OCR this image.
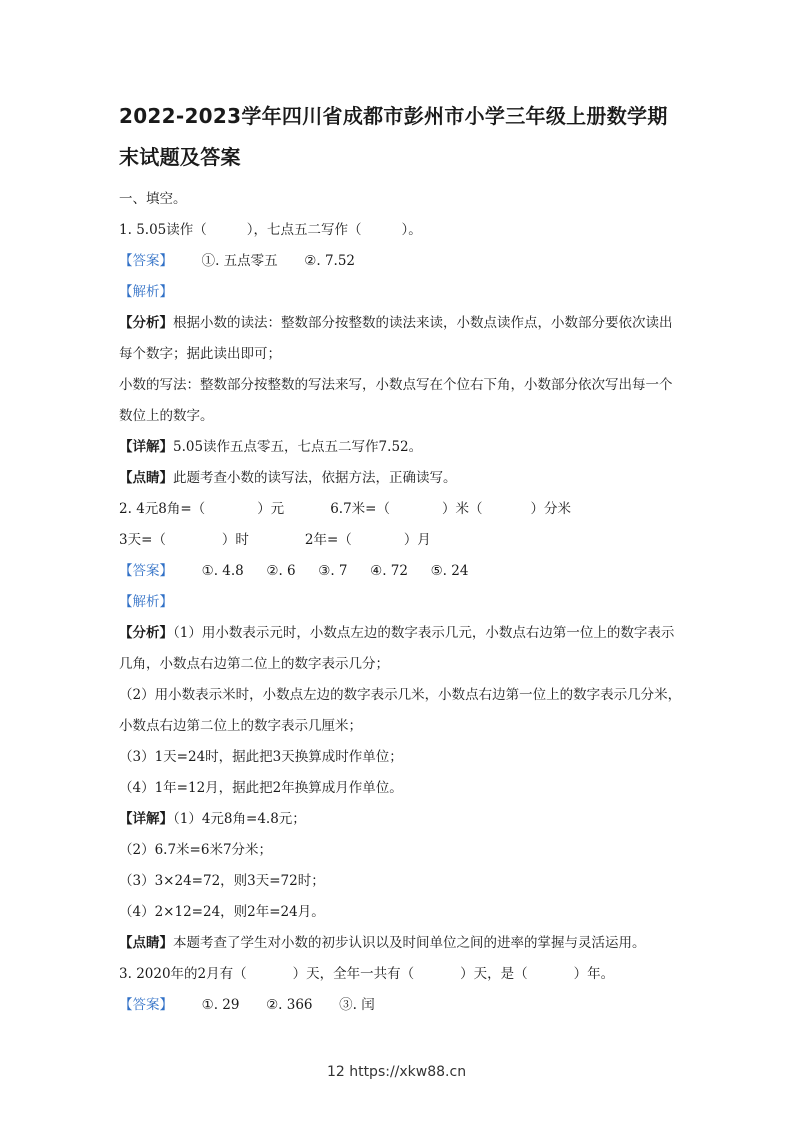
2022-2023学年四川省成都市彭州市小学三年级上册数学期末试题及答案
一、填空。
1. 5.05读作（	），七点五二写作（	）。
【答案】 ①. 五点零五 ②. 7.52
【解析】
【分析】根据小数的读法：整数部分按整数的读法来读，小数点读作点，小数部分要依次读出每个数字；据此读出即可；
小数的写法：整数部分按整数的写法来写，小数点写在个位右下角，小数部分依次写出每一个数位上的数字。
【详解】5.05读作五点零五，七点五二写作7.52。
【点睛】此题考查小数的读写法，依据方法，正确读写。
2. 4元8角=（	）元	6.7米=（	）米（	）分米
3天=（	）时	2年=（	）月
【答案】 ①. 4.8 ②. 6 ③. 7 ④. 72 ⑤. 24
【解析】
【分析】（1）用小数表示元时，小数点左边的数字表示几元，小数点右边第一位上的数字表示几角，小数点右边第二位上的数字表示几分；
（2）用小数表示米时，小数点左边的数字表示几米，小数点右边第一位上的数字表示几分米，小数点右边第二位上的数字表示几厘米；
（3）1天=24时，据此把3天换算成时作单位；
（4）1年=12月，据此把2年换算成月作单位。
【详解】（1）4元8角=4.8元；
（2）6.7米=6米7分米；
（3）3×24=72，则3天=72时；
（4）2×12=24，则2年=24月。
【点睛】本题考查了学生对小数的初步认识以及时间单位之间的进率的掌握与灵活运用。
3. 2020年的2月有（	）天，全年一共有（	）天，是（	）年。
【答案】 ①. 29 ②. 366 ③. 闰
12 https://xkw88.cn
